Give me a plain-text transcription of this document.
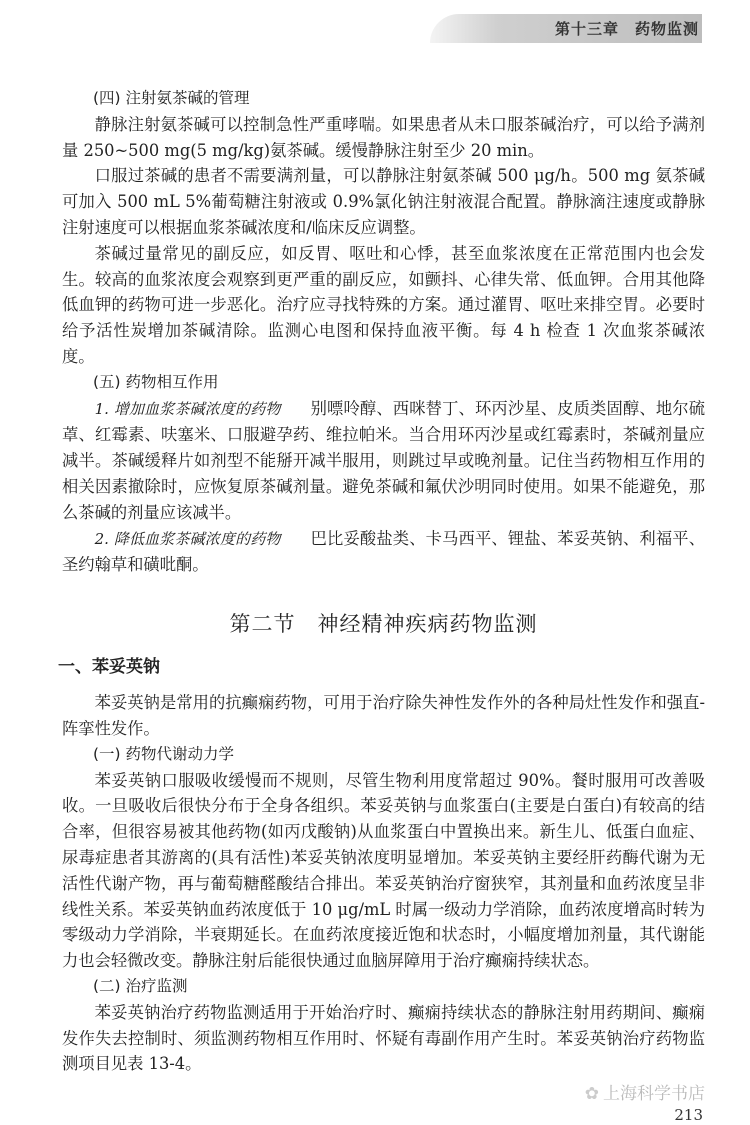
第十三章　药物监测

(四) 注射氨茶碱的管理

静脉注射氨茶碱可以控制急性严重哮喘。如果患者从未口服茶碱治疗，可以给予满剂量 250~500 mg(5 mg/kg)氨茶碱。缓慢静脉注射至少 20 min。

口服过茶碱的患者不需要满剂量，可以静脉注射氨茶碱 500 μg/h。500 mg 氨茶碱可加入 500 mL 5%葡萄糖注射液或 0.9%氯化钠注射液混合配置。静脉滴注速度或静脉注射速度可以根据血浆茶碱浓度和/临床反应调整。

茶碱过量常见的副反应，如反胃、呕吐和心悸，甚至血浆浓度在正常范围内也会发生。较高的血浆浓度会观察到更严重的副反应，如颤抖、心律失常、低血钾。合用其他降低血钾的药物可进一步恶化。治疗应寻找特殊的方案。通过灌胃、呕吐来排空胃。必要时给予活性炭增加茶碱清除。监测心电图和保持血液平衡。每 4 h 检查 1 次血浆茶碱浓度。

(五) 药物相互作用

1. 增加血浆茶碱浓度的药物 别嘌呤醇、西咪替丁、环丙沙星、皮质类固醇、地尔硫䓬、红霉素、呋塞米、口服避孕药、维拉帕米。当合用环丙沙星或红霉素时，茶碱剂量应减半。茶碱缓释片如剂型不能掰开减半服用，则跳过早或晚剂量。记住当药物相互作用的相关因素撤除时，应恢复原茶碱剂量。避免茶碱和氟伏沙明同时使用。如果不能避免，那么茶碱的剂量应该减半。

2. 降低血浆茶碱浓度的药物 巴比妥酸盐类、卡马西平、锂盐、苯妥英钠、利福平、圣约翰草和磺吡酮。

第二节　神经精神疾病药物监测
一、苯妥英钠

苯妥英钠是常用的抗癫痫药物，可用于治疗除失神性发作外的各种局灶性发作和强直-阵挛性发作。

(一) 药物代谢动力学

苯妥英钠口服吸收缓慢而不规则，尽管生物利用度常超过 90%。餐时服用可改善吸收。一旦吸收后很快分布于全身各组织。苯妥英钠与血浆蛋白(主要是白蛋白)有较高的结合率，但很容易被其他药物(如丙戊酸钠)从血浆蛋白中置换出来。新生儿、低蛋白血症、尿毒症患者其游离的(具有活性)苯妥英钠浓度明显增加。苯妥英钠主要经肝药酶代谢为无活性代谢产物，再与葡萄糖醛酸结合排出。苯妥英钠治疗窗狭窄，其剂量和血药浓度呈非线性关系。苯妥英钠血药浓度低于 10 μg/mL 时属一级动力学消除，血药浓度增高时转为零级动力学消除，半衰期延长。在血药浓度接近饱和状态时，小幅度增加剂量，其代谢能力也会轻微改变。静脉注射后能很快通过血脑屏障用于治疗癫痫持续状态。

(二) 治疗监测

苯妥英钠治疗药物监测适用于开始治疗时、癫痫持续状态的静脉注射用药期间、癫痫发作失去控制时、须监测药物相互作用时、怀疑有毒副作用产生时。苯妥英钠治疗药物监测项目见表 13-4。

✿ 上海科学书店
213
